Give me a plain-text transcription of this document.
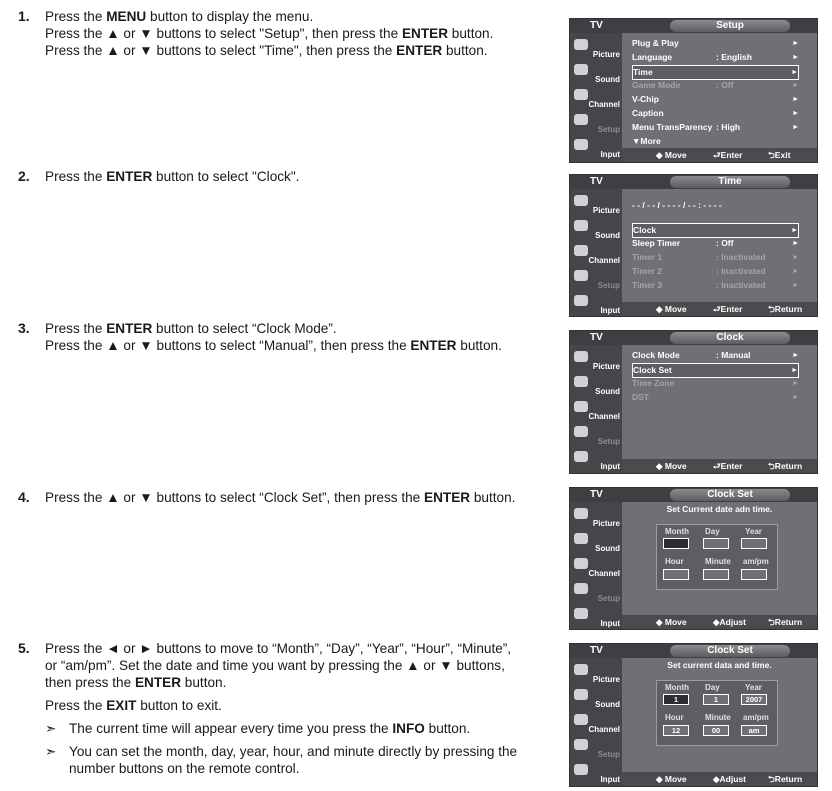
1. Press the MENU button to display the menu.
Press the ▲ or ▼ buttons to select "Setup", then press the ENTER button.
Press the ▲ or ▼ buttons to select "Time", then press the ENTER button.
2. Press the ENTER button to select "Clock".
3. Press the ENTER button to select “Clock Mode”.
Press the ▲ or ▼ buttons to select “Manual”, then press the ENTER button.
4. Press the ▲ or ▼ buttons to select “Clock Set”, then press the ENTER button.
5. Press the ◄ or ► buttons to move to “Month”, “Day”, “Year”, “Hour”, “Minute”,
or “am/pm”. Set the date and time you want by pressing the ▲ or ▼ buttons,
then press the ENTER button.
Press the EXIT button to exit.
➣ The current time will appear every time you press the INFO button.
➣ You can set the month, day, year, hour, and minute directly by pressing the number buttons on the remote control.
TV	Setup
Picture
Sound
Channel
Setup
Input
Plug & Play	►
Language	: English	►
Time	►
Game Mode	: Off	►
V-Chip	►
Caption	►
Menu TransParency : High	►
▼More
◆ Move	⮐Enter	⮌Exit
TV	Time
Picture
Sound
Channel
Setup
Input
- - / - - / - - - - / - - : - - - -
Clock	►
Sleep Timer	: Off	►
Timer 1	: Inactivated	►
Timer 2	: Inactivated	►
Timer 3	: Inactivated	►
◆ Move	⮐Enter	⮌Return
TV	Clock
Picture
Sound
Channel
Setup
Input
Clock Mode	: Manual	►
Clock Set	►
Time Zone	►
DST	►
◆ Move	⮐Enter	⮌Return
TV	Clock Set
Picture
Sound
Channel
Setup
Input
Set Current date adn time.
Month Day	Year
Hour	Minute am/pm
◆ Move	◆Adjust	⮌Return
TV	Clock Set
Picture
Sound
Channel
Setup
Input
Set current data and time.
Month Day	Year
1	1	2007
Hour	Minute am/pm
12	00	am
◆ Move	◆Adjust	⮌Return
